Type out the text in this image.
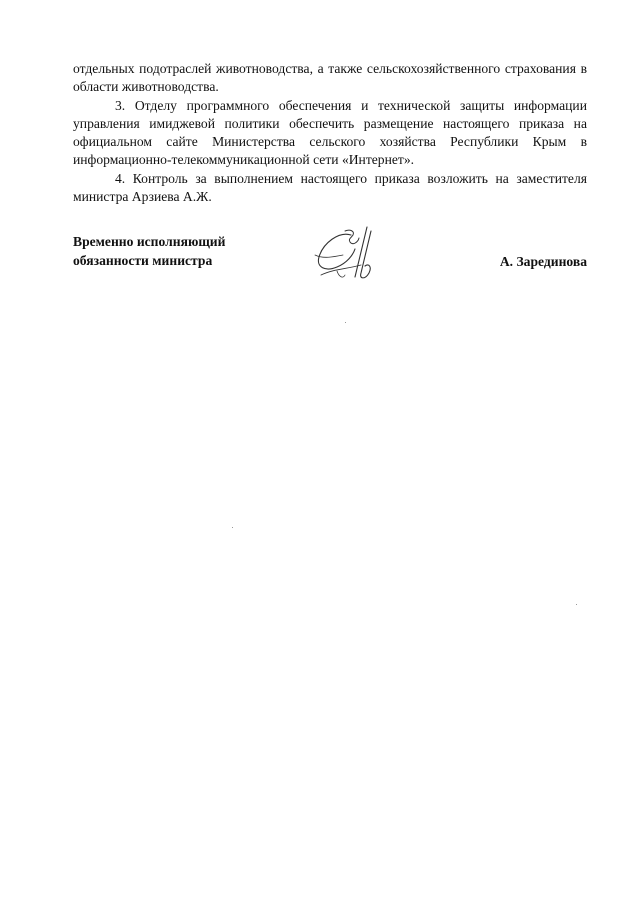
отдельных подотраслей животноводства, а также сельскохозяйственного страхования в области животноводства.

3. Отделу программного обеспечения и технической защиты информации управления имиджевой политики обеспечить размещение настоящего приказа на официальном сайте Министерства сельского хозяйства Республики Крым в информационно-телекоммуникационной сети «Интернет».

4. Контроль за выполнением настоящего приказа возложить на заместителя министра Арзиева А.Ж.

Временно исполняющий
обязанности министра	А. Зарединова
